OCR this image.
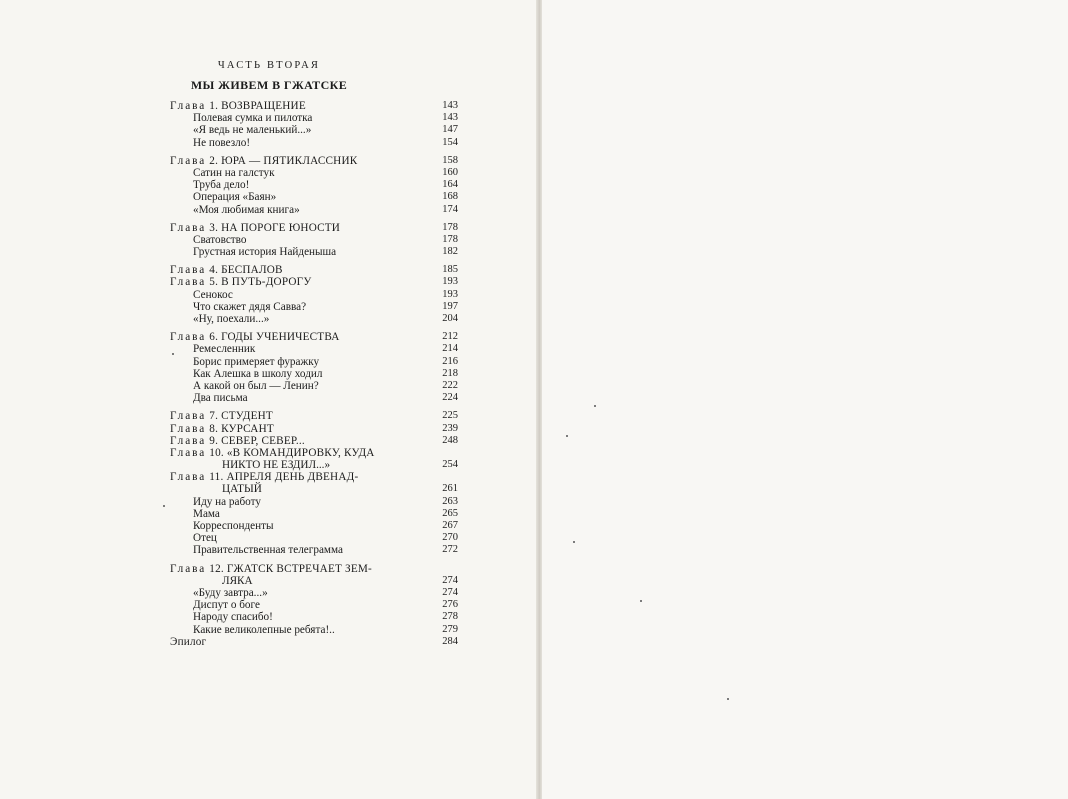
ЧАСТЬ ВТОРАЯ
МЫ ЖИВЕМ В ГЖАТСКЕ
Глава 1. ВОЗВРАЩЕНИЕ	143
Полевая сумка и пилотка	143
«Я ведь не маленький...»	147
Не повезло!	154
Глава 2. ЮРА — ПЯТИКЛАССНИК	158
Сатин на галстук	160
Труба дело!	164
Операция «Баян»	168
«Моя любимая книга»	174
Глава 3. НА ПОРОГЕ ЮНОСТИ	178
Сватовство	178
Грустная история Найденыша	182
Глава 4. БЕСПАЛОВ	185
Глава 5. В ПУТЬ-ДОРОГУ	193
Сенокос	193
Что скажет дядя Савва?	197
«Ну, поехали...»	204
Глава 6. ГОДЫ УЧЕНИЧЕСТВА	212
Ремесленник	214
Борис примеряет фуражку	216
Как Алешка в школу ходил	218
А какой он был — Ленин?	222
Два письма	224
Глава 7. СТУДЕНТ	225
Глава 8. КУРСАНТ	239
Глава 9. СЕВЕР, СЕВЕР...	248
Глава 10. «В КОМАНДИРОВКУ, КУДА
НИКТО НЕ ЕЗДИЛ...»	254
Глава 11. АПРЕЛЯ ДЕНЬ ДВЕНАД-
ЦАТЫЙ	261
Иду на работу	263
Мама	265
Корреспонденты	267
Отец	270
Правительственная телеграмма	272
Глава 12. ГЖАТСК ВСТРЕЧАЕТ ЗЕМ-
ЛЯКА	274
«Буду завтра...»	274
Диспут о боге	276
Народу спасибо!	278
Какие великолепные ребята!..	279
Эпилог	284
